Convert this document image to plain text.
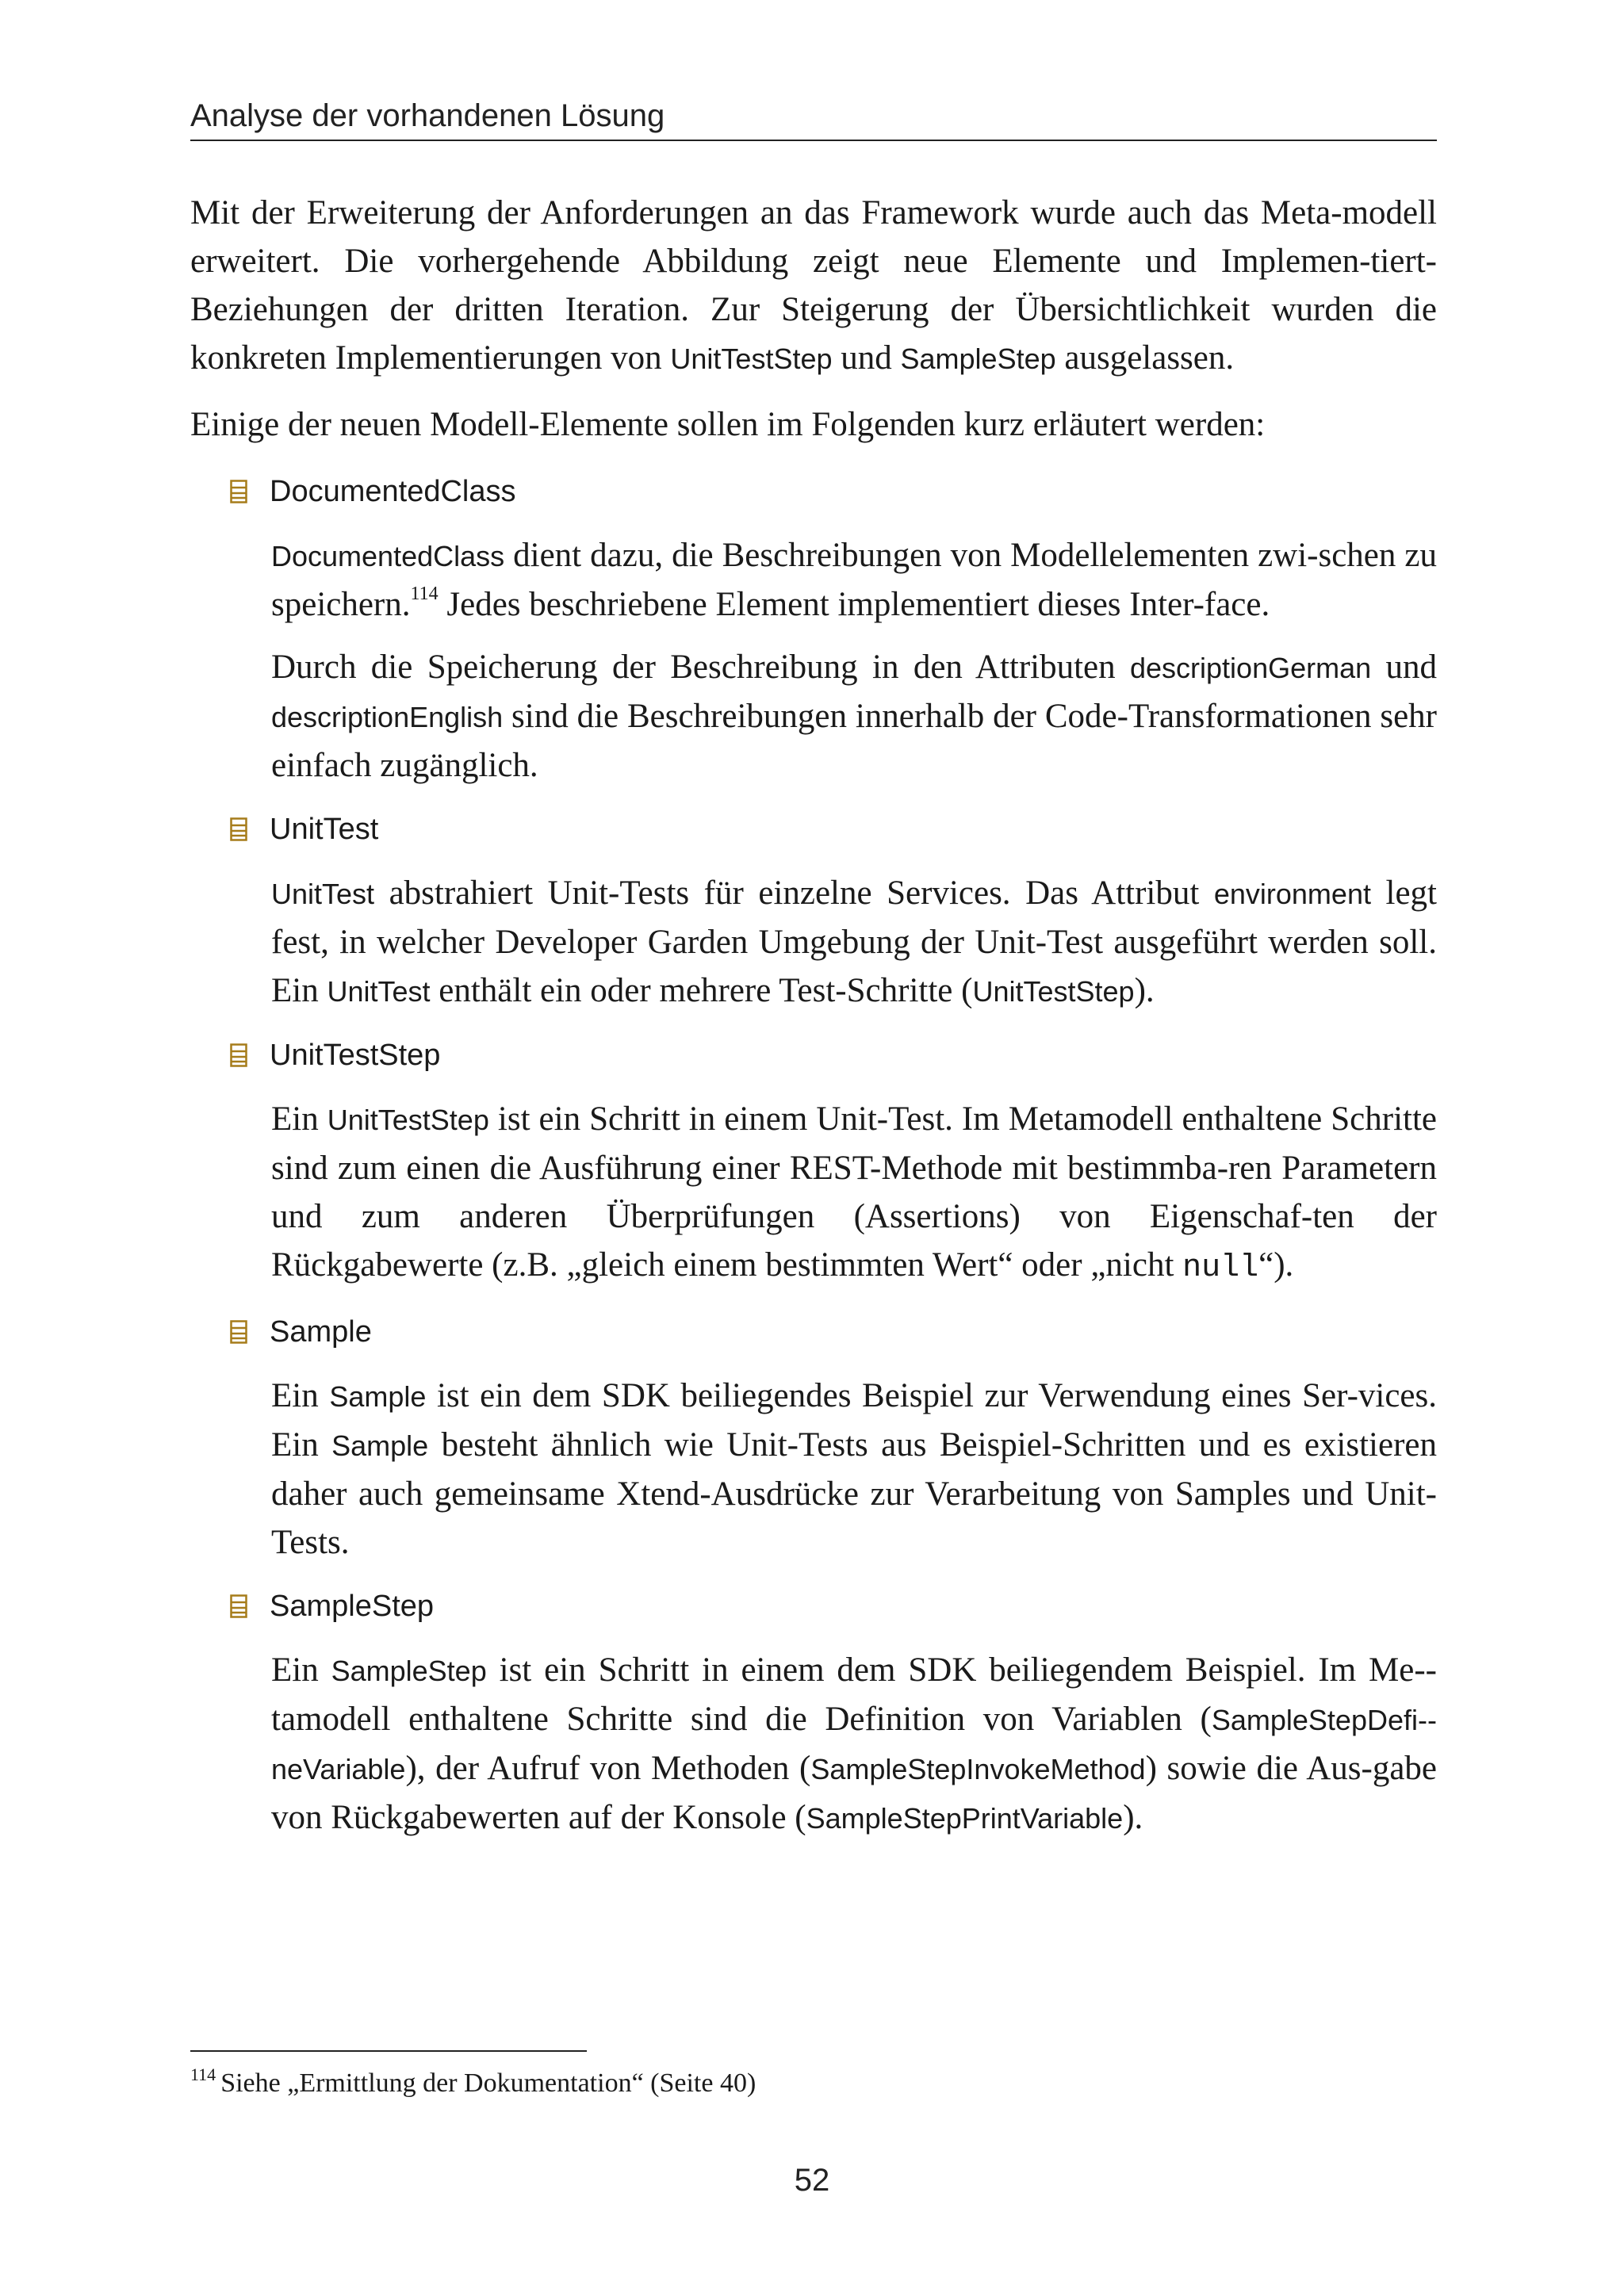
Analyse der vorhandenen Lösung

Mit der Erweiterung der Anforderungen an das Framework wurde auch das Meta-modell erweitert. Die vorhergehende Abbildung zeigt neue Elemente und Implemen-tiert-Beziehungen der dritten Iteration. Zur Steigerung der Übersichtlichkeit wurden die konkreten Implementierungen von UnitTestStep und SampleStep ausgelassen.

Einige der neuen Modell-Elemente sollen im Folgenden kurz erläutert werden:

DocumentedClass

DocumentedClass dient dazu, die Beschreibungen von Modellelementen zwi-schen zu speichern.$^{114}$ Jedes beschriebene Element implementiert dieses Inter-face.

Durch die Speicherung der Beschreibung in den Attributen descriptionGerman und descriptionEnglish sind die Beschreibungen innerhalb der Code-Transformationen sehr einfach zugänglich.

UnitTest

UnitTest abstrahiert Unit-Tests für einzelne Services. Das Attribut environment legt fest, in welcher Developer Garden Umgebung der Unit-Test ausgeführt werden soll. Ein UnitTest enthält ein oder mehrere Test-Schritte (UnitTestStep).

UnitTestStep

Ein UnitTestStep ist ein Schritt in einem Unit-Test. Im Metamodell enthaltene Schritte sind zum einen die Ausführung einer REST-Methode mit bestimmba-ren Parametern und zum anderen Überprüfungen (Assertions) von Eigenschaf-ten der Rückgabewerte (z.B. „gleich einem bestimmten Wert“ oder „nicht null“).

Sample

Ein Sample ist ein dem SDK beiliegendes Beispiel zur Verwendung eines Ser-vices. Ein Sample besteht ähnlich wie Unit-Tests aus Beispiel-Schritten und es existieren daher auch gemeinsame Xtend-Ausdrücke zur Verarbeitung von Samples und Unit-Tests.

SampleStep

Ein SampleStep ist ein Schritt in einem dem SDK beiliegendem Beispiel. Im Me-tamodell enthaltene Schritte sind die Definition von Variablen (SampleStepDefi-neVariable), der Aufruf von Methoden (SampleStepInvokeMethod) sowie die Aus-gabe von Rückgabewerten auf der Konsole (SampleStepPrintVariable).

$^{114}$ Siehe „Ermittlung der Dokumentation“ (Seite 40)
52
